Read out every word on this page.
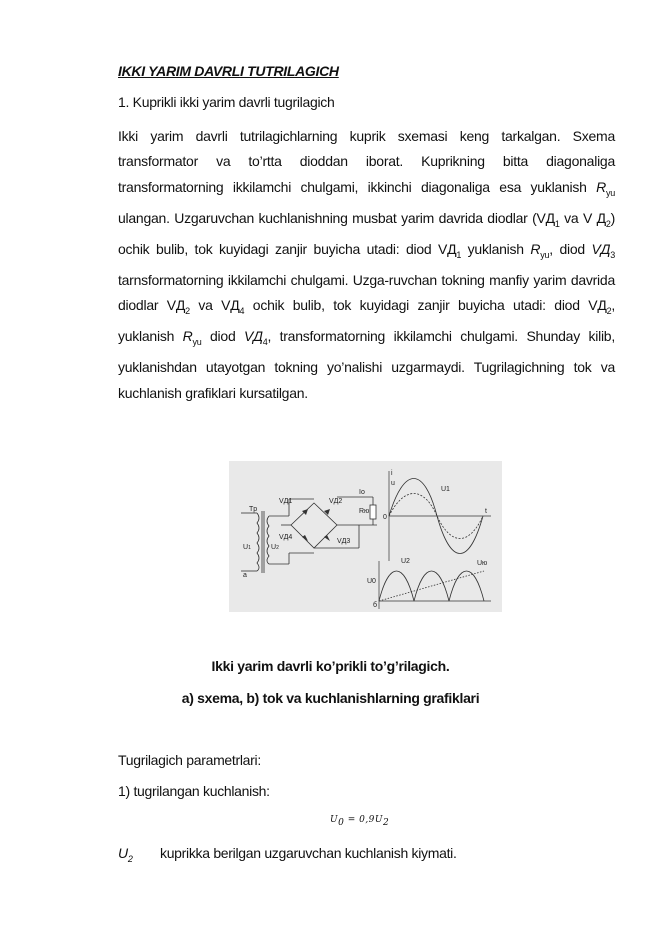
IKKI YARIM DAVRLI TUTRILAGICH
1. Kuprikli ikki yarim davrli tugrilagich
Ikki yarim davrli tutrilagichlarning kuprik sxemasi keng tarkalgan. Sxema transformator va to’rtta dioddan iborat. Kuprikning bitta diagonaliga transformatorning ikkilamchi chulgami, ikkinchi diagonaliga esa yuklanish $R_{yu}$ ulangan. Uzgaruvchan kuchlanishning musbat yarim davrida diodlar ($VД_1$ va V $Д_2$) ochik bulib, tok kuyidagi zanjir buyicha utadi: diod $VД_1$ yuklanish $R_{yu}$, diod $VД_3$ tarnsformatorning ikkilamchi chulgami. Uzga-ruvchan tokning manfiy yarim davrida diodlar $VД_2$ va $VД_4$ ochik bulib, tok kuyidagi zanjir buyicha utadi: diod $VД_2$, yuklanish $R_{yu}$ diod $VД_4$, transformatorning ikkilamchi chulgami. Shunday kilib, yuklanishdan utayotgan tokning yo’nalishi uzgarmaydi. Tugrilagichning tok va kuchlanish grafiklari kursatilgan.
Tр
U1	U2
VД1	VД2
VД4
VД3
Io
Rю
a
i
u
0
t
U1
U2	Uю
U0
б
Ikki yarim davrli ko’prikli to’g’rilagich.
a) sxema, b) tok va kuchlanishlarning grafiklari
Tugrilagich parametrlari:
1) tugrilangan kuchlanish:
$U_0 = 0,9U_2$
$U_2$ kuprikka berilgan uzgaruvchan kuchlanish kiymati.
